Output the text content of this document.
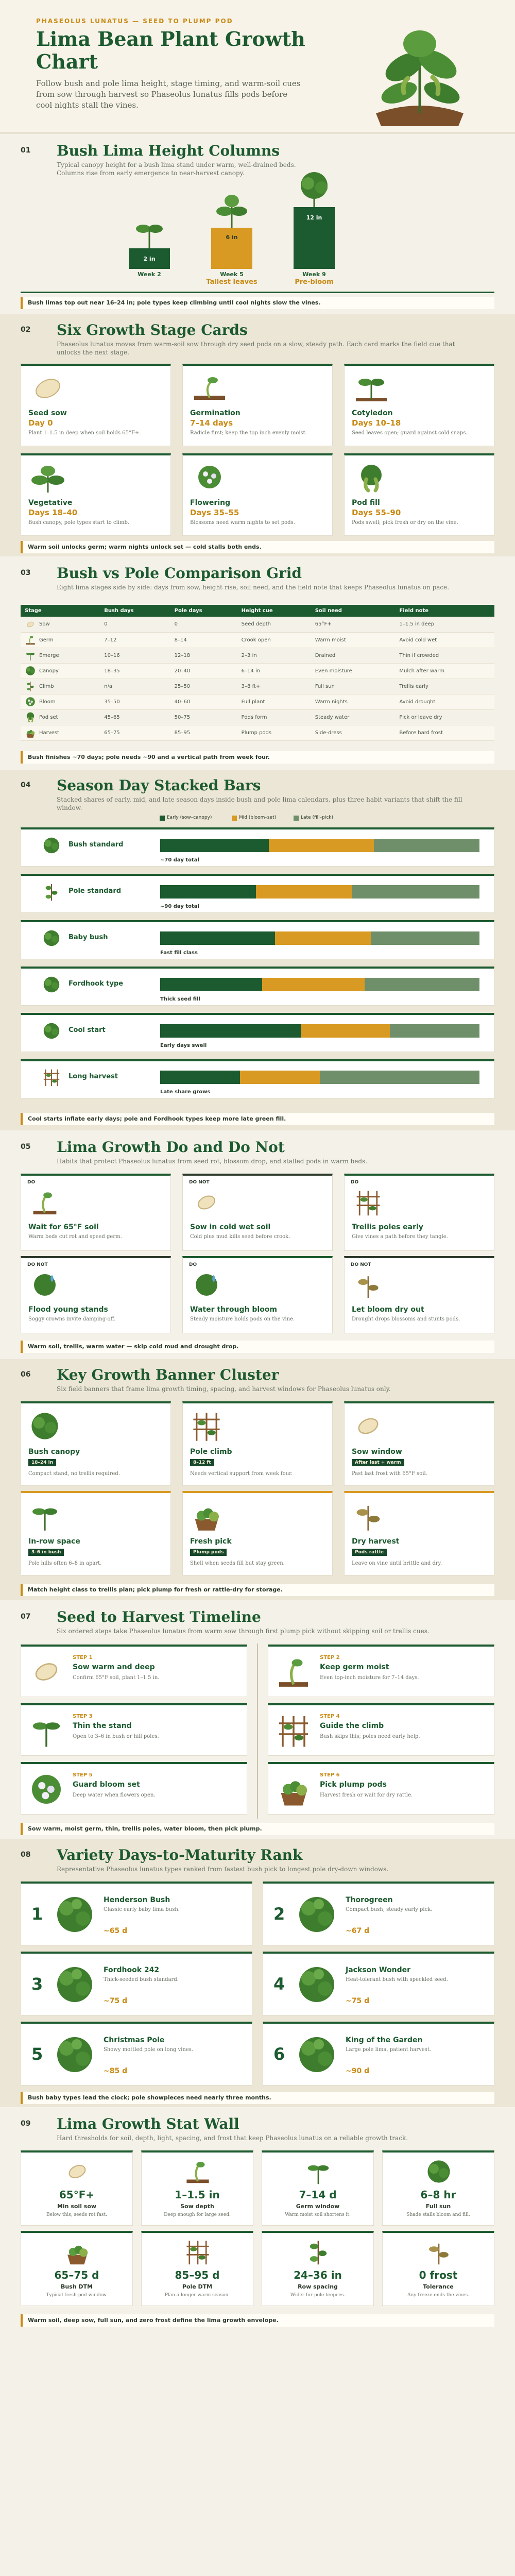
PHASEOLUS LUNATUS — SEED TO PLUMP POD
Lima Bean Plant Growth Chart
Follow bush and pole lima height, stage timing, and warm-soil cues from sow through harvest so Phaseolus lunatus fills pods before cool nights stall the vines.
01 Bush Lima Height Columns
Typical canopy height for a bush lima stand under warm, well-drained beds. Columns rise from early emergence to near-harvest canopy.
2 in
Week 2
6 in
Week 5
Tallest leaves
12 in
Week 9
Pre-bloom
Bush limas top out near 16–24 in; pole types keep climbing until cool nights slow the vines.
02 Six Growth Stage Cards
Phaseolus lunatus moves from warm-soil sow through dry seed pods on a slow, steady path. Each card marks the field cue that unlocks the next stage.
Seed sow
Day 0
Plant 1–1.5 in deep when soil holds 65°F+.
Germination
7–14 days
Radicle first; keep the top inch evenly moist.
Cotyledon
Days 10–18
Seed leaves open; guard against cold snaps.
Vegetative
Days 18–40
Bush canopy, pole types start to climb.
Flowering
Days 35–55
Blossoms need warm nights to set pods.
Pod fill
Days 55–90
Pods swell; pick fresh or dry on the vine.
Warm soil unlocks germ; warm nights unlock set — cold stalls both ends.
03 Bush vs Pole Comparison Grid
Eight lima stages side by side: days from sow, height rise, soil need, and the field note that keeps Phaseolus lunatus on pace.
Stage	Bush days	Pole days	Height cue	Soil need	Field note

Sow	0	0	Seed depth	65°F+	1–1.5 in deep

Germ	7–12	8–14	Crook open	Warm moist	Avoid cold wet

Emerge	10–16	12–18	2–3 in	Drained	Thin if crowded

Canopy	18–35	20–40	6–14 in	Even moisture	Mulch after warm

Climb	n/a	25–50	3–8 ft+	Full sun	Trellis early

Bloom	35–50	40–60	Full plant	Warm nights	Avoid drought

Pod set	45–65	50–75	Pods form	Steady water	Pick or leave dry

Harvest	65–75	85–95	Plump pods	Side-dress	Before hard frost
Bush finishes ~70 days; pole needs ~90 and a vertical path from week four.
04 Season Day Stacked Bars
Stacked shares of early, mid, and late season days inside bush and pole lima calendars, plus three habit variants that shift the fill window.
Early (sow–canopy)	Mid (bloom–set)	Late (fill–pick)
Bush standard
~70 day total
Pole standard
~90 day total
Baby bush
Fast fill class
Fordhook type
Thick seed fill
Cool start
Early days swell
Long harvest
Late share grows
Cool starts inflate early days; pole and Fordhook types keep more late green fill.
05 Lima Growth Do and Do Not
Habits that protect Phaseolus lunatus from seed rot, blossom drop, and stalled pods in warm beds.
DO
Wait for 65°F soil
Warm beds cut rot and speed germ.
DO NOT
Sow in cold wet soil
Cold plus mud kills seed before crook.
DO
Trellis poles early
Give vines a path before they tangle.
DO NOT
Flood young stands
Soggy crowns invite damping-off.
DO
Water through bloom
Steady moisture holds pods on the vine.
DO NOT
Let bloom dry out
Drought drops blossoms and stunts pods.
Warm soil, trellis, warm water — skip cold mud and drought drop.
06 Key Growth Banner Cluster
Six field banners that frame lima growth timing, spacing, and harvest windows for Phaseolus lunatus only.
Bush canopy
18–24 in
Compact stand, no trellis required.
Pole climb
8–12 ft
Needs vertical support from week four.
Sow window
After last + warm
Past last frost with 65°F soil.
In-row space
3–6 in bush
Pole hills often 6–8 in apart.
Fresh pick
Plump pods
Shell when seeds fill but stay green.
Dry harvest
Pods rattle
Leave on vine until brittle and dry.
Match height class to trellis plan; pick plump for fresh or rattle-dry for storage.
07 Seed to Harvest Timeline
Six ordered steps take Phaseolus lunatus from warm sow through first plump pick without skipping soil or trellis cues.
STEP 1
Sow warm and deep
Confirm 65°F soil, plant 1–1.5 in.
STEP 2
Keep germ moist
Even top-inch moisture for 7–14 days.
STEP 3
Thin the stand
Open to 3–6 in bush or hill poles.
STEP 4
Guide the climb
Bush skips this; poles need early help.
STEP 5
Guard bloom set
Deep water when flowers open.
STEP 6
Pick plump pods
Harvest fresh or wait for dry rattle.
Sow warm, moist germ, thin, trellis poles, water bloom, then pick plump.
08 Variety Days-to-Maturity Rank
Representative Phaseolus lunatus types ranked from fastest bush pick to longest pole dry-down windows.
1
Henderson Bush
Classic early baby lima bush.
~65 d
2
Thorogreen
Compact bush, steady early pick.
~67 d
3
Fordhook 242
Thick-seeded bush standard.
~75 d
4
Jackson Wonder
Heat-tolerant bush with speckled seed.
~75 d
5
Christmas Pole
Showy mottled pole on long vines.
~85 d
6
King of the Garden
Large pole lima, patient harvest.
~90 d
Bush baby types lead the clock; pole showpieces need nearly three months.
09 Lima Growth Stat Wall
Hard thresholds for soil, depth, light, spacing, and frost that keep Phaseolus lunatus on a reliable growth track.
65°F+
Min soil sow
Below this, seeds rot fast.
1–1.5 in
Sow depth
Deep enough for large seed.
7–14 d
Germ window
Warm moist soil shortens it.
6–8 hr
Full sun
Shade stalls bloom and fill.
65–75 d
Bush DTM
Typical fresh-pod window.
85–95 d
Pole DTM
Plan a longer warm season.
24–36 in
Row spacing
Wider for pole teepees.
0 frost
Tolerance
Any freeze ends the vines.
Warm soil, deep sow, full sun, and zero frost define the lima growth envelope.
